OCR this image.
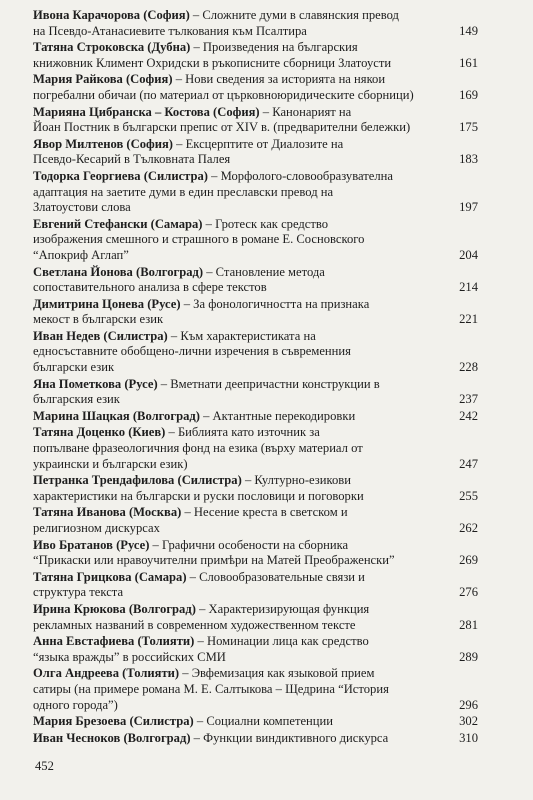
Ивона Карачорова (София) – Сложните думи в славянския превод
на Псевдо-Атанасиевите тълкования към Псалтира	149
Татяна Строковска (Дубна) – Произведения на българския
книжовник Климент Охридски в ръкописните сборници Златоусти	161
Мария Райкова (София) – Нови сведения за историята на някои
погребални обичаи (по материал от църковноюридическите сборници)	169
Марияна Цибранска – Костова (София) – Канонарият на
Йоан Постник в български препис от XIV в. (предварителни бележки)	175
Явор Милтенов (София) – Ексцерптите от Диалозите на
Псевдо-Кесарий в Тълковната Палея	183
Тодорка Георгиева (Силистра) – Морфолого-словообразувателна
адаптация на заетите думи в един преславски превод на
Златоустови слова	197
Евгений Стефански (Самара) – Гротеск как средство
изображения смешного и страшного в романе Е. Сосновского
“Апокриф Аглап”	204
Светлана Йонова (Волгоград) – Становление метода
сопоставительного анализа в сфере текстов	214
Димитрина Цонева (Русе) – За фонологичността на признака
мекост в български език	221
Иван Недев (Силистра) – Към характеристиката на
едносъставните обобщено-лични изречения в съвременния
български език	228
Яна Пометкова (Русе) – Вметнати деепричастни конструкции в
българския език	237
Марина Шацкая (Волгоград) – Актантные перекодировки	242
Татяна Доценко (Киев) – Библията като източник за
попълване фразеологичния фонд на езика (върху материал от
украински и български език)	247
Петранка Трендафилова (Силистра) – Културно-езикови
характеристики на български и руски пословици и поговорки	255
Татяна Иванова (Москва) – Несение креста в светском и
религиозном дискурсах	262
Иво Братанов (Русе) – Графични особености на сборника
“Прикаски или нравоучителни примѣри на Матей Преображенски”	269
Татяна Грицкова (Самара) – Словообразовательные связи и
структура текста	276
Ирина Крюкова (Волгоград) – Характеризирующая функция
рекламных названий в современном художественном тексте	281
Анна Евстафиева (Толияти) – Номинации лица как средство
“языка вражды” в российских СМИ	289
Олга Андреева (Толияти) – Эвфемизация как языковой прием
сатиры (на примере романа М. Е. Салтыкова – Щедрина “История
одного города”)	296
Мария Брезоева (Силистра) – Социални компетенции	302
Иван Чесноков (Волгоград) – Функции виндиктивного дискурса	310
452
